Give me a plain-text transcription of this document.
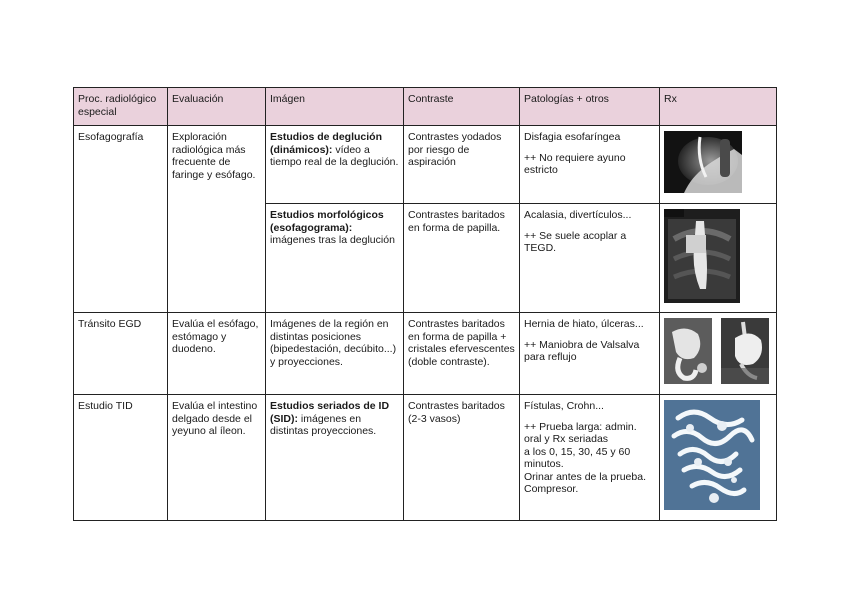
Proc. radiológico especial	Evaluación	Imágen	Contraste	Patologías + otros	Rx
Esofagografía	Exploración radiológica más frecuente de faringe y esófago.	Estudios de deglución (dinámicos): vídeo a tiempo real de la deglución.	Contrastes yodados por riesgo de aspiración	Disfagia esofaríngea
++ No requiere ayuno estricto

		Estudios morfológicos (esofagograma): imágenes tras la deglución	Contrastes baritados en forma de papilla.	Acalasia, divertículos...
++ Se suele acoplar a TEGD.

Tránsito EGD	Evalúa el esófago, estómago y duodeno.	Imágenes de la región en distintas posiciones (bipedestación, decúbito...) y proyecciones.	Contrastes baritados en forma de papilla + cristales efervescentes (doble contraste).	Hernia de hiato, úlceras...
++ Maniobra de Valsalva para reflujo

Estudio TID	Evalúa el intestino delgado desde el yeyuno al íleon.	Estudios seriados de ID (SID): imágenes en distintas proyecciones.	Contrastes baritados (2-3 vasos)	Fístulas, Crohn...
++ Prueba larga: admin. oral y Rx seriadas
a los 0, 15, 30, 45 y 60 minutos.
Orinar antes de la prueba.
Compresor.
